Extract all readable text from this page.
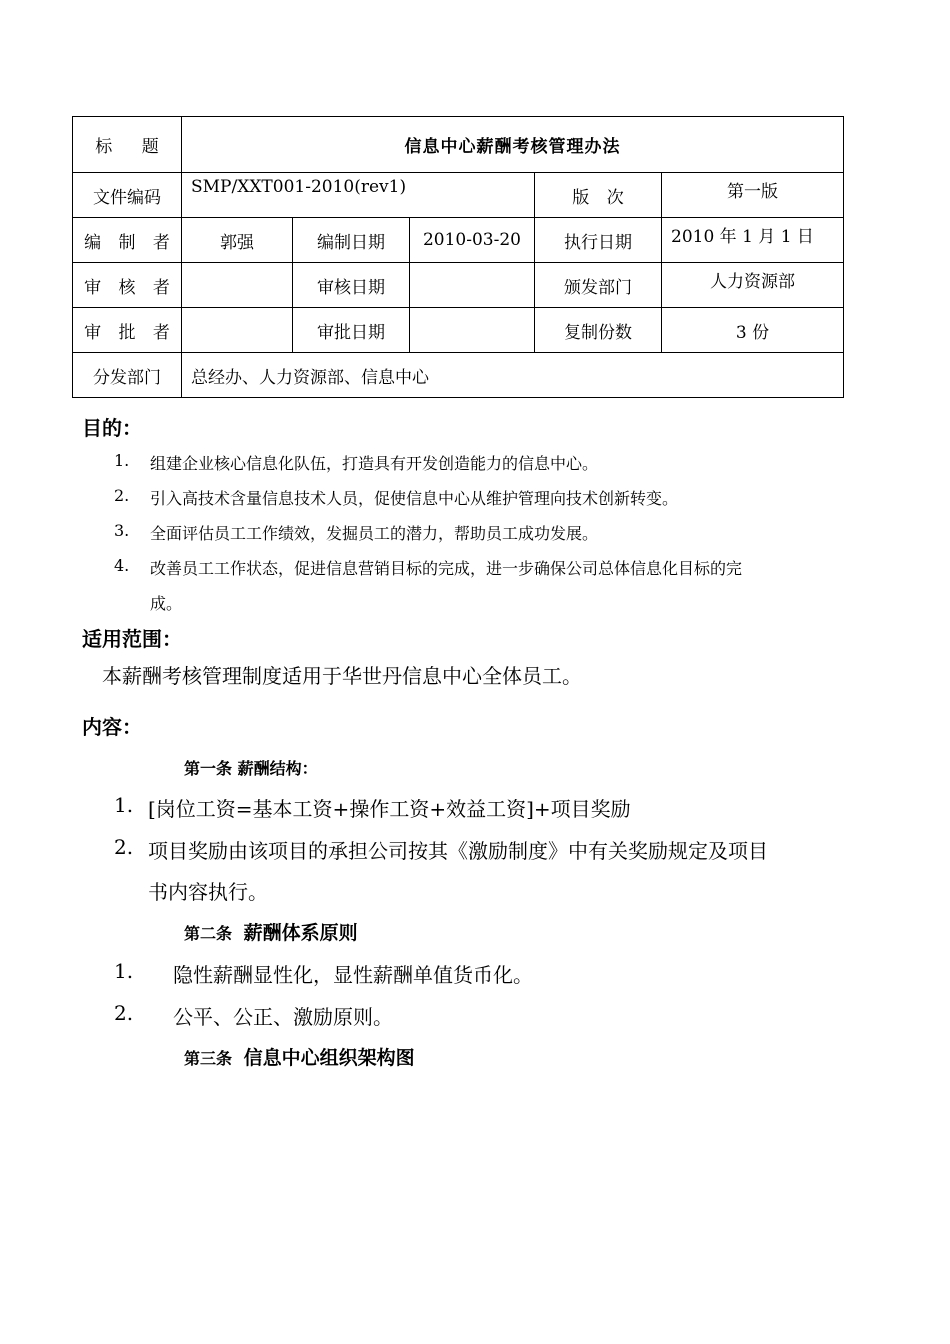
标 题	信息中心薪酬考核管理办法				
文件编码	SMP/XXT001-2010(rev1)			版 次	第一版
编 制 者	郭强	编制日期	2010-03-20	执行日期	2010 年 1 月 1 日
审 核 者		审核日期		颁发部门	人力资源部
审 批 者		审批日期		复制份数	3 份
分发部门	总经办、人力资源部、信息中心				
目的：
1. 组建企业核心信息化队伍，打造具有开发创造能力的信息中心。
2. 引入高技术含量信息技术人员，促使信息中心从维护管理向技术创新转变。
3. 全面评估员工工作绩效，发掘员工的潜力，帮助员工成功发展。
4. 改善员工工作状态，促进信息营销目标的完成，进一步确保公司总体信息化目标的完
成。
适用范围：
本薪酬考核管理制度适用于华世丹信息中心全体员工。
内容：
第一条 薪酬结构：
1. [岗位工资=基本工资+操作工资+效益工资]+项目奖励
2. 项目奖励由该项目的承担公司按其《激励制度》中有关奖励规定及项目
书内容执行。
第二条 薪酬体系原则
1. 隐性薪酬显性化，显性薪酬单值货币化。
2. 公平、公正、激励原则。
第三条 信息中心组织架构图
